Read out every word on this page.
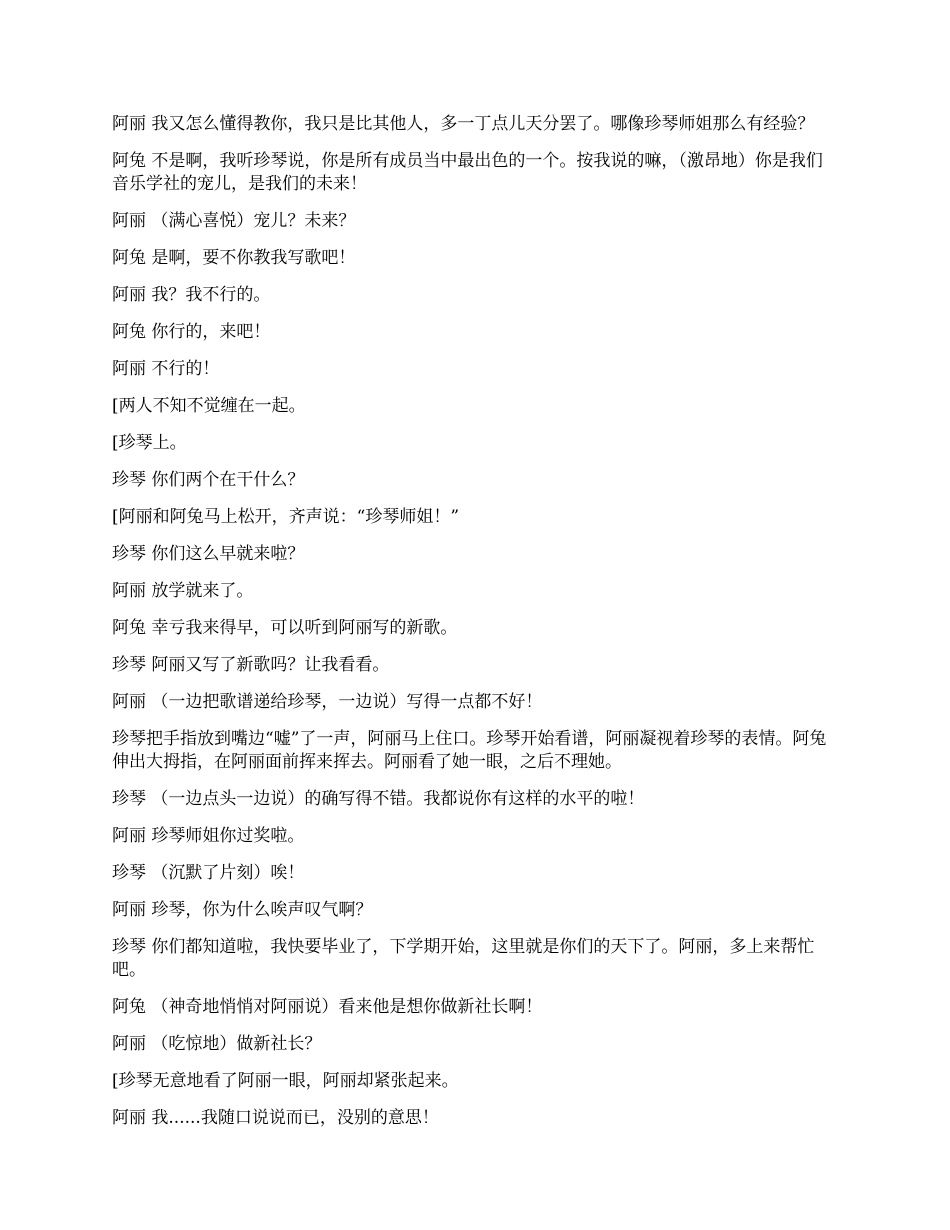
阿丽 我又怎么懂得教你，我只是比其他人，多一丁点儿天分罢了。哪像珍琴师姐那么有经验？

阿兔 不是啊，我听珍琴说，你是所有成员当中最出色的一个。按我说的嘛，（激昂地）你是我们音乐学社的宠儿，是我们的未来！

阿丽 （满心喜悦）宠儿？未来？

阿兔 是啊，要不你教我写歌吧！

阿丽 我？我不行的。

阿兔 你行的，来吧！

阿丽 不行的！

[两人不知不觉缠在一起。

[珍琴上。

珍琴 你们两个在干什么？

[阿丽和阿兔马上松开，齐声说：“珍琴师姐！”

珍琴 你们这么早就来啦？

阿丽 放学就来了。

阿兔 幸亏我来得早，可以听到阿丽写的新歌。

珍琴 阿丽又写了新歌吗？让我看看。

阿丽 （一边把歌谱递给珍琴，一边说）写得一点都不好！

珍琴把手指放到嘴边“嘘”了一声，阿丽马上住口。珍琴开始看谱，阿丽凝视着珍琴的表情。阿兔伸出大拇指，在阿丽面前挥来挥去。阿丽看了她一眼，之后不理她。

珍琴 （一边点头一边说）的确写得不错。我都说你有这样的水平的啦！

阿丽 珍琴师姐你过奖啦。

珍琴 （沉默了片刻）唉！

阿丽 珍琴，你为什么唉声叹气啊？

珍琴 你们都知道啦，我快要毕业了，下学期开始，这里就是你们的天下了。阿丽，多上来帮忙吧。

阿兔 （神奇地悄悄对阿丽说）看来他是想你做新社长啊！

阿丽 （吃惊地）做新社长？

[珍琴无意地看了阿丽一眼，阿丽却紧张起来。

阿丽 我......我随口说说而已，没别的意思！
